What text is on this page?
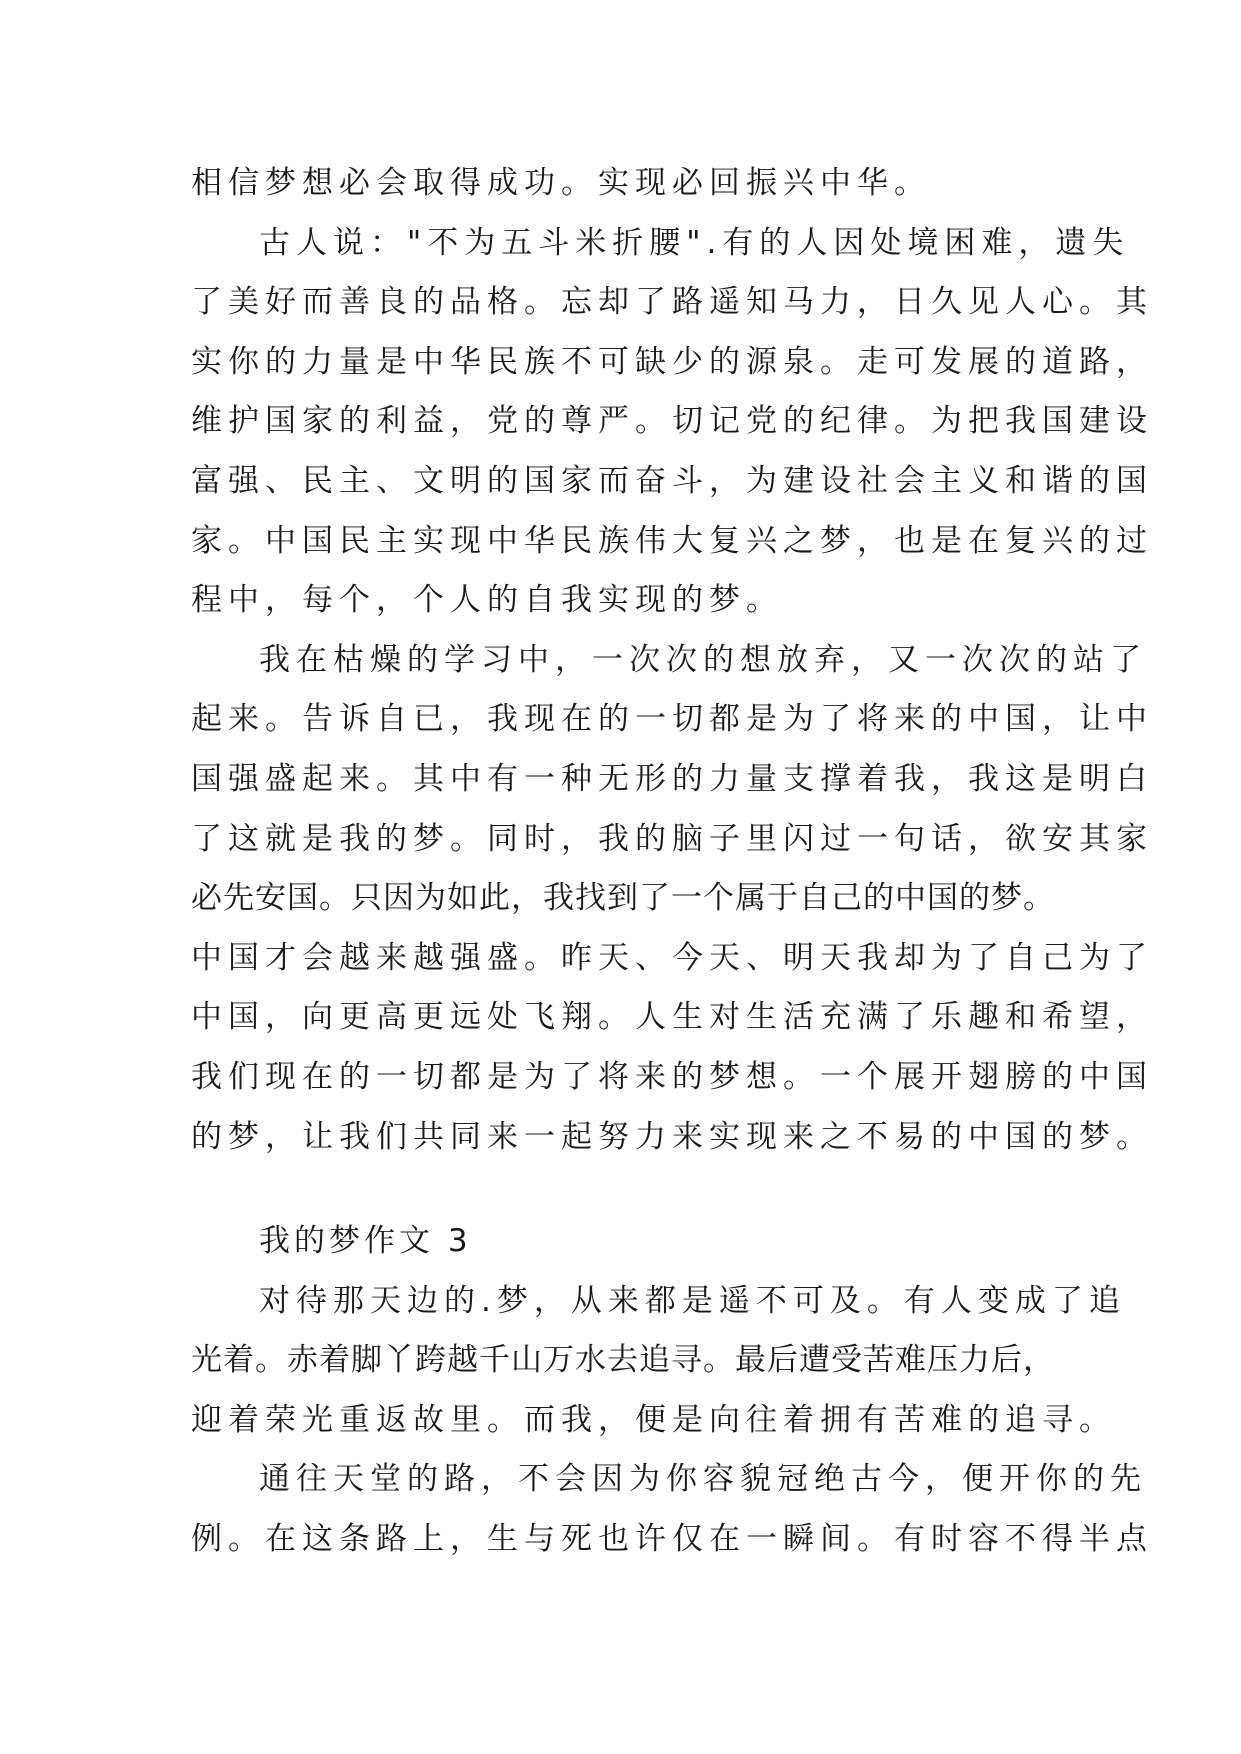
相信梦想必会取得成功。实现必回振兴中华。
古人说："不为五斗米折腰".有的人因处境困难，遗失
了美好而善良的品格。忘却了路遥知马力，日久见人心。其
实你的力量是中华民族不可缺少的源泉。走可发展的道路，
维护国家的利益，党的尊严。切记党的纪律。为把我国建设
富强、民主、文明的国家而奋斗，为建设社会主义和谐的国
家。中国民主实现中华民族伟大复兴之梦，也是在复兴的过
程中，每个，个人的自我实现的梦。
我在枯燥的学习中，一次次的想放弃，又一次次的站了
起来。告诉自已，我现在的一切都是为了将来的中国，让中
国强盛起来。其中有一种无形的力量支撑着我，我这是明白
了这就是我的梦。同时，我的脑子里闪过一句话，欲安其家
必先安国。只因为如此，我找到了一个属于自己的中国的梦。
中国才会越来越强盛。昨天、今天、明天我却为了自己为了
中国，向更高更远处飞翔。人生对生活充满了乐趣和希望，
我们现在的一切都是为了将来的梦想。一个展开翅膀的中国
的梦，让我们共同来一起努力来实现来之不易的中国的梦。
我的梦作文 3
对待那天边的.梦，从来都是遥不可及。有人变成了追
光着。赤着脚丫跨越千山万水去追寻。最后遭受苦难压力后，
迎着荣光重返故里。而我，便是向往着拥有苦难的追寻。
通往天堂的路，不会因为你容貌冠绝古今，便开你的先
例。在这条路上，生与死也许仅在一瞬间。有时容不得半点
